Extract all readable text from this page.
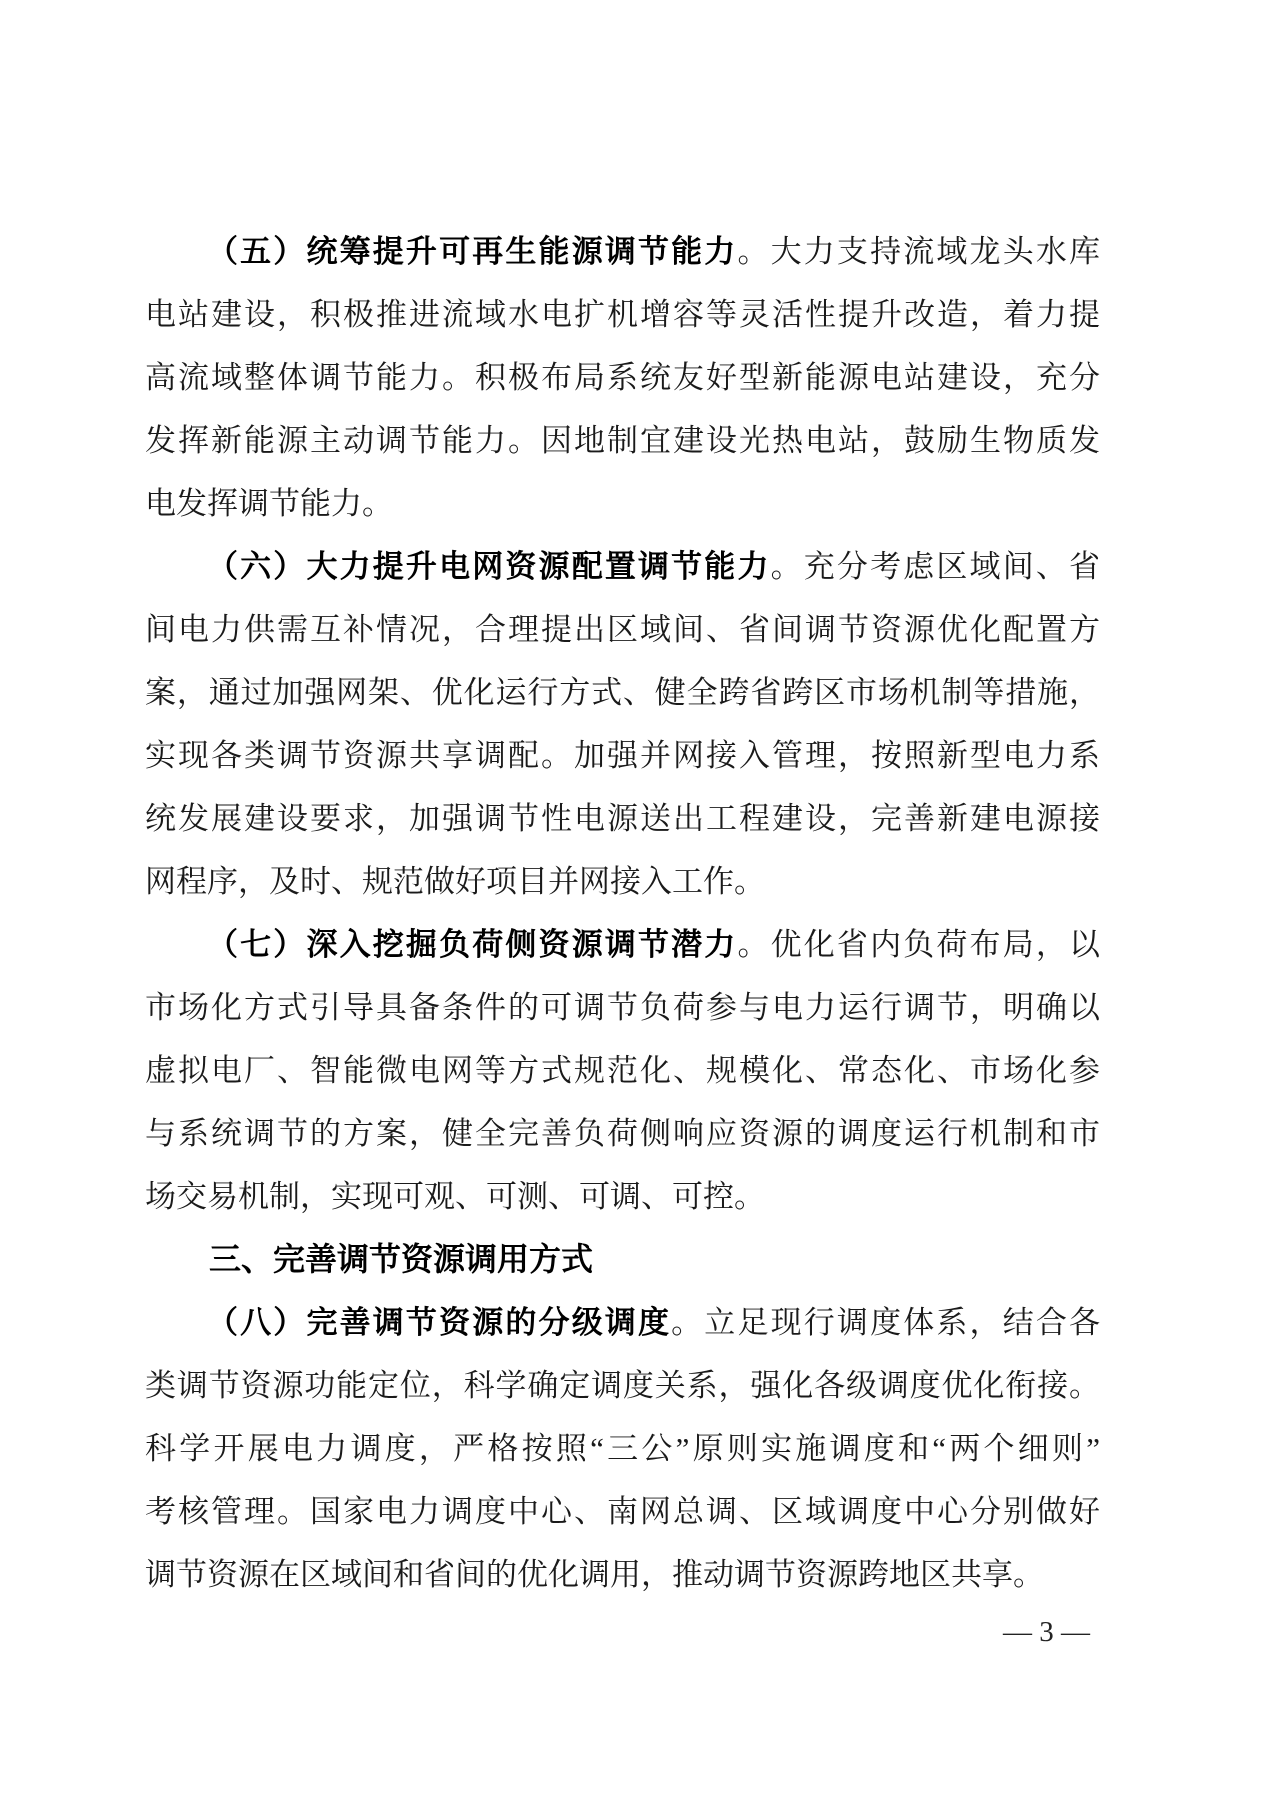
（五）统筹提升可再生能源调节能力。大力支持流域龙头水库
电站建设，积极推进流域水电扩机增容等灵活性提升改造，着力提
高流域整体调节能力。积极布局系统友好型新能源电站建设，充分
发挥新能源主动调节能力。因地制宜建设光热电站，鼓励生物质发
电发挥调节能力。
（六）大力提升电网资源配置调节能力。充分考虑区域间、省
间电力供需互补情况，合理提出区域间、省间调节资源优化配置方
案，通过加强网架、优化运行方式、健全跨省跨区市场机制等措施，
实现各类调节资源共享调配。加强并网接入管理，按照新型电力系
统发展建设要求，加强调节性电源送出工程建设，完善新建电源接
网程序，及时、规范做好项目并网接入工作。
（七）深入挖掘负荷侧资源调节潜力。优化省内负荷布局，以
市场化方式引导具备条件的可调节负荷参与电力运行调节，明确以
虚拟电厂、智能微电网等方式规范化、规模化、常态化、市场化参
与系统调节的方案，健全完善负荷侧响应资源的调度运行机制和市
场交易机制，实现可观、可测、可调、可控。
三、完善调节资源调用方式
（八）完善调节资源的分级调度。立足现行调度体系，结合各
类调节资源功能定位，科学确定调度关系，强化各级调度优化衔接。
科学开展电力调度，严格按照“三公”原则实施调度和“两个细则”
考核管理。国家电力调度中心、南网总调、区域调度中心分别做好
调节资源在区域间和省间的优化调用，推动调节资源跨地区共享。
— 3 —
